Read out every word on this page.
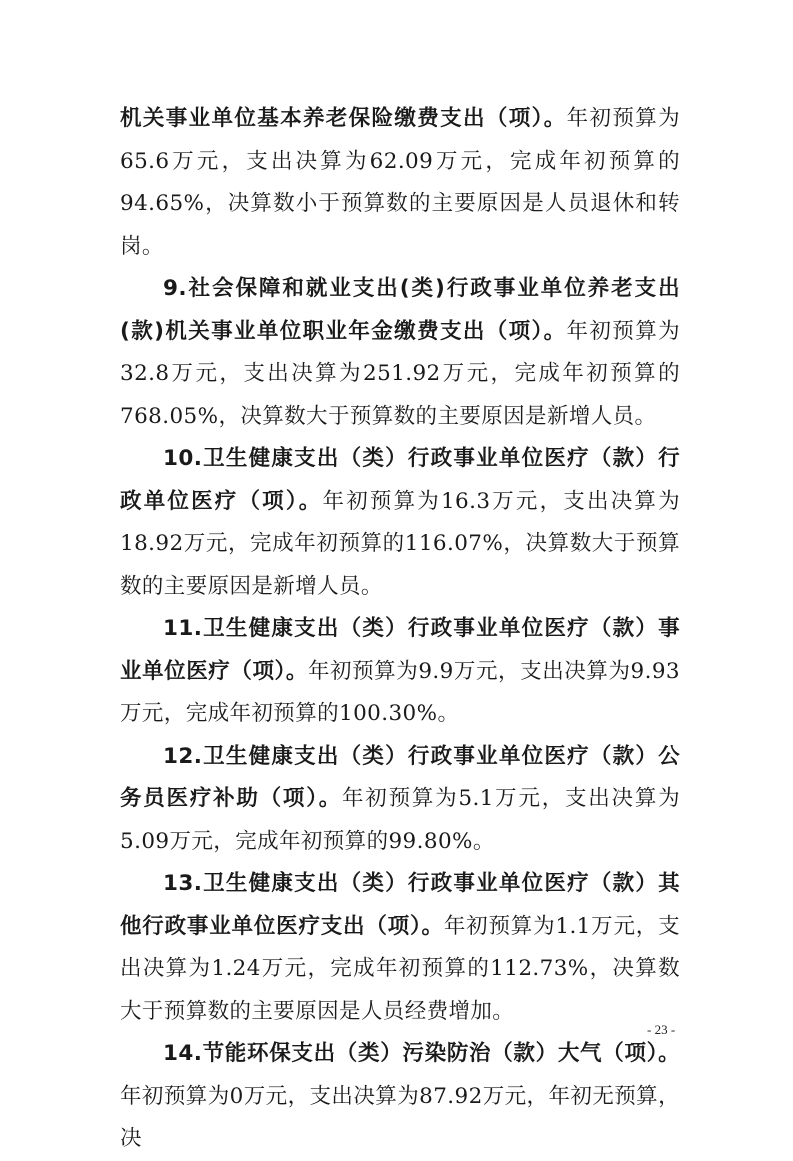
机关事业单位基本养老保险缴费支出（项）。年初预算为65.6万元，支出决算为62.09万元，完成年初预算的94.65%，决算数小于预算数的主要原因是人员退休和转岗。

9.社会保障和就业支出(类)行政事业单位养老支出(款)机关事业单位职业年金缴费支出（项）。年初预算为32.8万元，支出决算为251.92万元，完成年初预算的768.05%，决算数大于预算数的主要原因是新增人员。

10.卫生健康支出（类）行政事业单位医疗（款）行政单位医疗（项）。年初预算为16.3万元，支出决算为18.92万元，完成年初预算的116.07%，决算数大于预算数的主要原因是新增人员。

11.卫生健康支出（类）行政事业单位医疗（款）事业单位医疗（项）。年初预算为9.9万元，支出决算为9.93万元，完成年初预算的100.30%。

12.卫生健康支出（类）行政事业单位医疗（款）公务员医疗补助（项）。年初预算为5.1万元，支出决算为5.09万元，完成年初预算的99.80%。

13.卫生健康支出（类）行政事业单位医疗（款）其他行政事业单位医疗支出（项）。年初预算为1.1万元，支出决算为1.24万元，完成年初预算的112.73%，决算数大于预算数的主要原因是人员经费增加。

14.节能环保支出（类）污染防治（款）大气（项）。年初预算为0万元，支出决算为87.92万元，年初无预算，决

- 23 -
